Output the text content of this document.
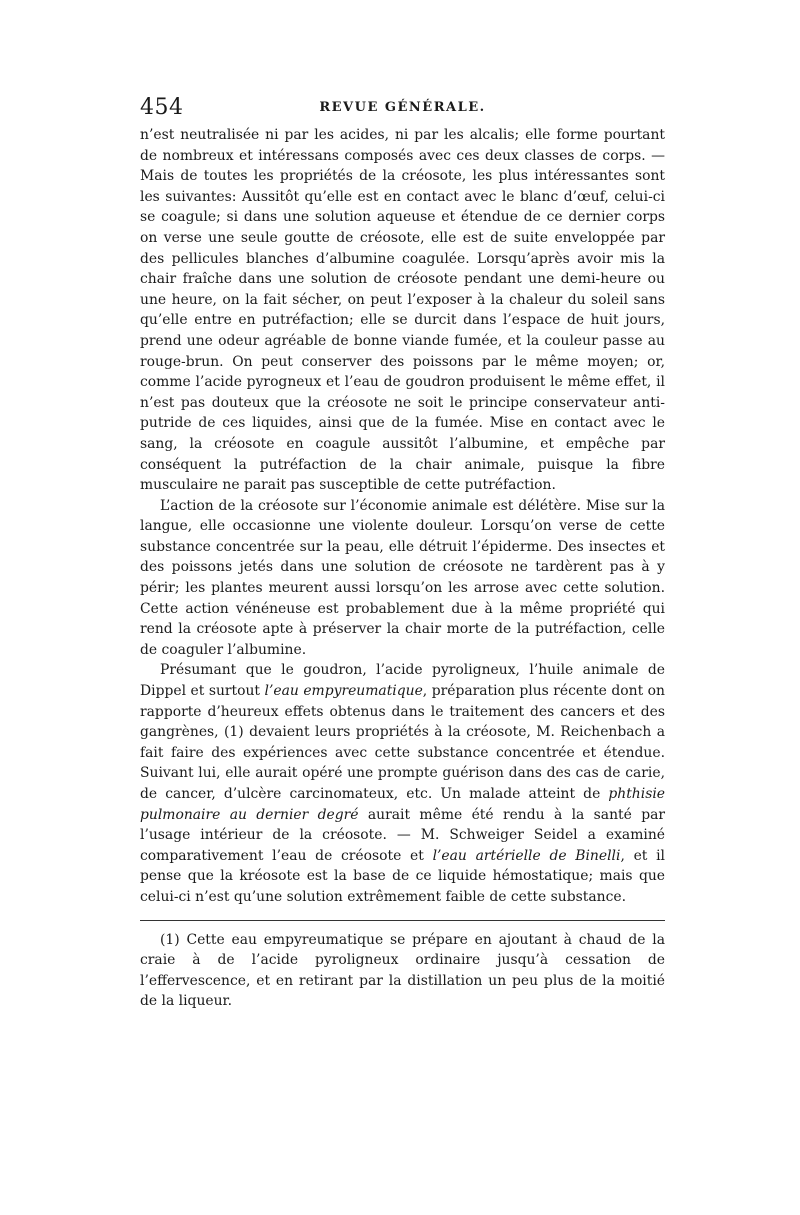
454	REVUE GÉNÉRALE.

n’est neutralisée ni par les acides, ni par les alcalis; elle forme pourtant de nombreux et intéressans composés avec ces deux classes de corps. — Mais de toutes les propriétés de la créosote, les plus intéressantes sont les suivantes: Aussitôt qu’elle est en contact avec le blanc d’œuf, celui-ci se coagule; si dans une solution aqueuse et étendue de ce dernier corps on verse une seule goutte de créosote, elle est de suite enveloppée par des pellicules blanches d’albumine coagulée. Lorsqu’après avoir mis la chair fraîche dans une solution de créosote pendant une demi-heure ou une heure, on la fait sécher, on peut l’exposer à la chaleur du soleil sans qu’elle entre en putréfaction; elle se durcit dans l’espace de huit jours, prend une odeur agréable de bonne viande fumée, et la couleur passe au rouge-brun. On peut conserver des poissons par le même moyen; or, comme l’acide pyrogneux et l’eau de goudron produisent le même effet, il n’est pas douteux que la créosote ne soit le principe conservateur anti-putride de ces liquides, ainsi que de la fumée. Mise en contact avec le sang, la créosote en coagule aussitôt l’albumine, et empêche par conséquent la putréfaction de la chair animale, puisque la fibre musculaire ne parait pas susceptible de cette putréfaction.

L’action de la créosote sur l’économie animale est délétère. Mise sur la langue, elle occasionne une violente douleur. Lorsqu’on verse de cette substance concentrée sur la peau, elle détruit l’épiderme. Des insectes et des poissons jetés dans une solution de créosote ne tardèrent pas à y périr; les plantes meurent aussi lorsqu’on les arrose avec cette solution. Cette action vénéneuse est probablement due à la même propriété qui rend la créosote apte à préserver la chair morte de la putréfaction, celle de coaguler l’albumine.

Présumant que le goudron, l’acide pyroligneux, l’huile animale de Dippel et surtout l’eau empyreumatique, préparation plus récente dont on rapporte d’heureux effets obtenus dans le traitement des cancers et des gangrènes, (1) devaient leurs propriétés à la créosote, M. Reichenbach a fait faire des expériences avec cette substance concentrée et étendue. Suivant lui, elle aurait opéré une prompte guérison dans des cas de carie, de cancer, d’ulcère carcinomateux, etc. Un malade atteint de phthisie pulmonaire au dernier degré aurait même été rendu à la santé par l’usage intérieur de la créosote. — M. Schweiger Seidel a examiné comparativement l’eau de créosote et l’eau artérielle de Binelli, et il pense que la kréosote est la base de ce liquide hémostatique; mais que celui-ci n’est qu’une solution extrêmement faible de cette substance.

(1) Cette eau empyreumatique se prépare en ajoutant à chaud de la craie à de l’acide pyroligneux ordinaire jusqu’à cessation de l’effervescence, et en retirant par la distillation un peu plus de la moitié de la liqueur.
